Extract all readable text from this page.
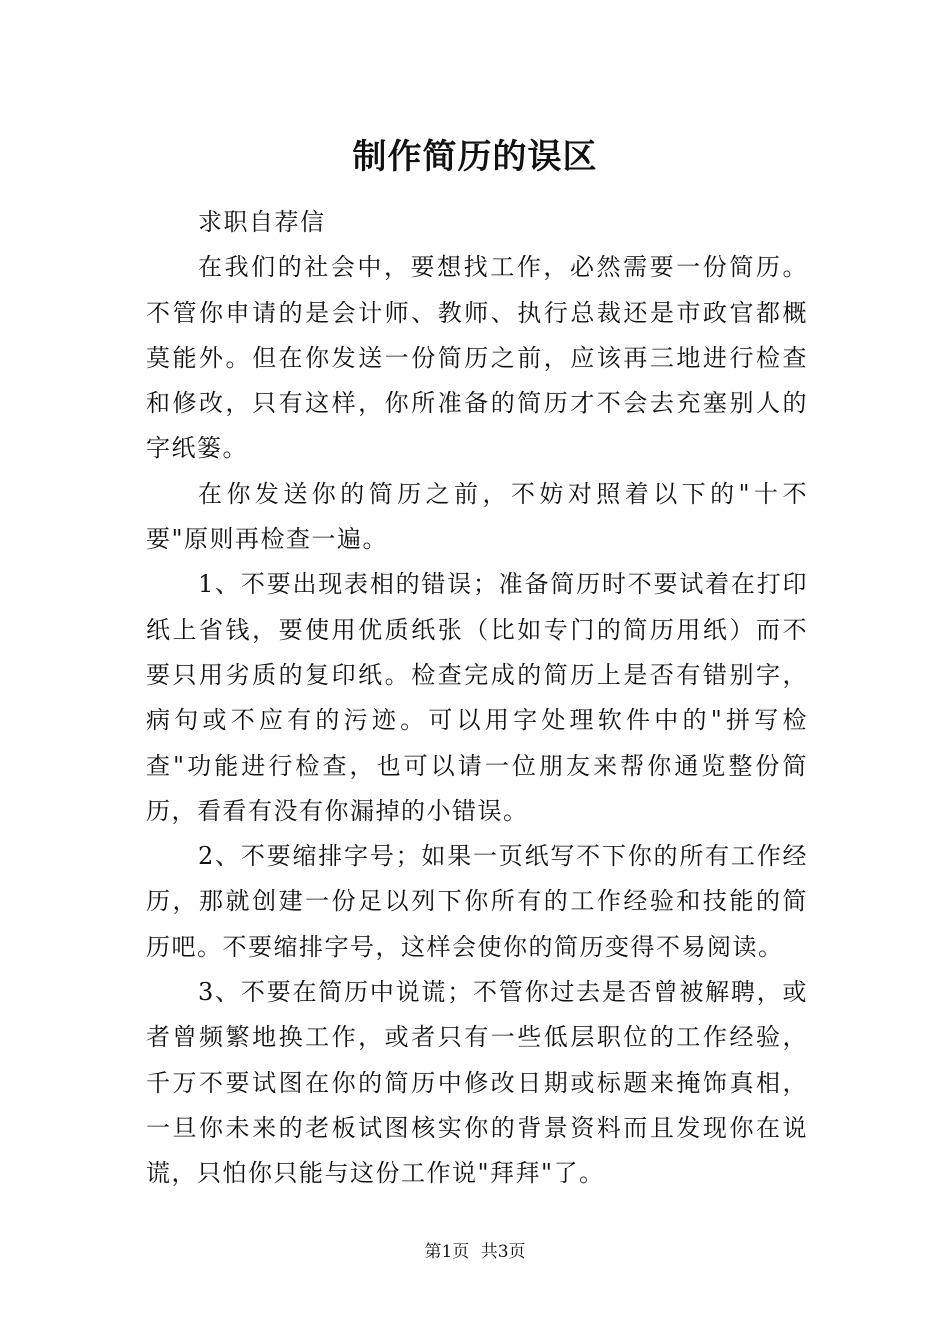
制作简历的误区

求职自荐信

在我们的社会中，要想找工作，必然需要一份简历。不管你申请的是会计师、教师、执行总裁还是市政官都概莫能外。但在你发送一份简历之前，应该再三地进行检查和修改，只有这样，你所准备的简历才不会去充塞别人的字纸篓。

在你发送你的简历之前，不妨对照着以下的"十不要"原则再检查一遍。

1、不要出现表相的错误；准备简历时不要试着在打印纸上省钱，要使用优质纸张（比如专门的简历用纸）而不要只用劣质的复印纸。检查完成的简历上是否有错别字，病句或不应有的污迹。可以用字处理软件中的"拼写检查"功能进行检查，也可以请一位朋友来帮你通览整份简历，看看有没有你漏掉的小错误。

2、不要缩排字号；如果一页纸写不下你的所有工作经历，那就创建一份足以列下你所有的工作经验和技能的简历吧。不要缩排字号，这样会使你的简历变得不易阅读。

3、不要在简历中说谎；不管你过去是否曾被解聘，或者曾频繁地换工作，或者只有一些低层职位的工作经验，千万不要试图在你的简历中修改日期或标题来掩饰真相，一旦你未来的老板试图核实你的背景资料而且发现你在说谎，只怕你只能与这份工作说"拜拜"了。

第1页 共3页
